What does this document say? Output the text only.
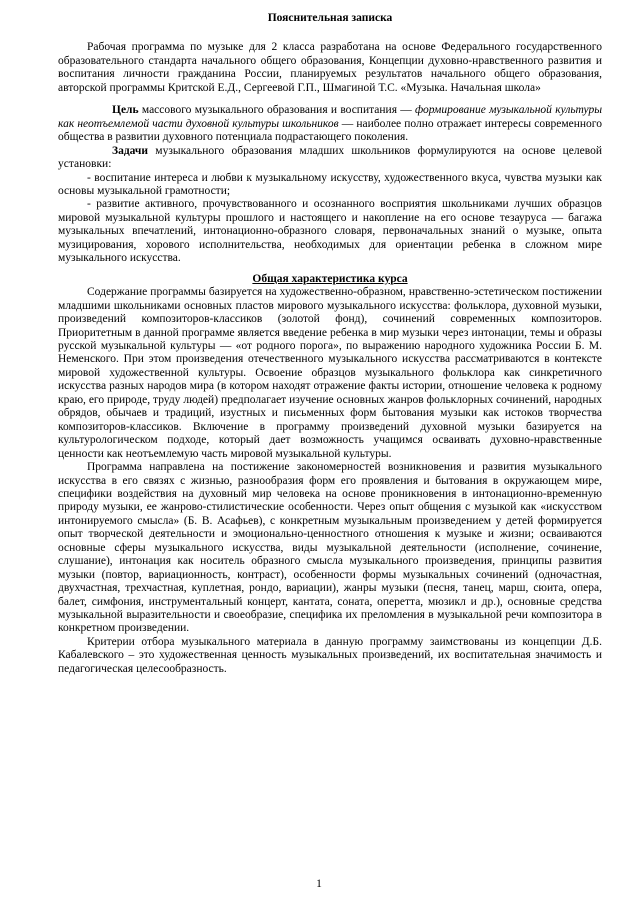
Пояснительная записка

Рабочая программа по музыке для 2 класса разработана на основе Федерального государственного образовательного стандарта начального общего образования, Концепции духовно-нравственного развития и воспитания личности гражданина России, планируемых результатов начального общего образования, авторской программы Критской Е.Д., Сергеевой Г.П., Шмагиной Т.С. «Музыка. Начальная школа»

Цель массового музыкального образования и воспитания — формирование музыкальной культуры как неотъемлемой части духовной культуры школьников — наиболее полно отражает интересы современного общества в развитии духовного потенциала подрастающего поколения.

Задачи музыкального образования младших школьников формулируются на основе целевой установки:

- воспитание интереса и любви к музыкальному искусству, художественного вкуса, чувства музыки как основы музыкальной грамотности;

- развитие активного, прочувствованного и осознанного восприятия школьниками лучших образцов мировой музыкальной культуры прошлого и настоящего и накопление на его основе тезауруса — багажа музыкальных впечатлений, интонационно-образного словаря, первоначальных знаний о музыке, опыта музицирования, хорового исполнительства, необходимых для ориентации ребенка в сложном мире музыкального искусства.

Общая характеристика курса

Содержание программы базируется на художественно-образном, нравственно-эстетическом постижении младшими школьниками основных пластов мирового музыкального искусства: фольклора, духовной музыки, произведений композиторов-классиков (золотой фонд), сочинений современных композиторов. Приоритетным в данной программе является введение ребенка в мир музыки через интонации, темы и образы русской музыкальной культуры — «от родного порога», по выражению народного художника России Б. М. Неменского. При этом произведения отечественного музыкального искусства рассматриваются в контексте мировой художественной культуры. Освоение образцов музыкального фольклора как синкретичного искусства разных народов мира (в котором находят отражение факты истории, отношение человека к родному краю, его природе, труду людей) предполагает изучение основных жанров фольклорных сочинений, народных обрядов, обычаев и традиций, изустных и письменных форм бытования музыки как истоков творчества композиторов-классиков. Включение в программу произведений духовной музыки базируется на культурологическом подходе, который дает возможность учащимся осваивать духовно-нравственные ценности как неотъемлемую часть мировой музыкальной культуры.

Программа направлена на постижение закономерностей возникновения и развития музыкального искусства в его связях с жизнью, разнообразия форм его проявления и бытования в окружающем мире, специфики воздействия на духовный мир человека на основе проникновения в интонационно-временную природу музыки, ее жанрово-стилистические особенности. Через опыт общения с музыкой как «искусством интонируемого смысла» (Б. В. Асафьев), с конкретным музыкальным произведением у детей формируется опыт творческой деятельности и эмоционально-ценностного отношения к музыке и жизни; осваиваются основные сферы музыкального искусства, виды музыкальной деятельности (исполнение, сочинение, слушание), интонация как носитель образного смысла музыкального произведения, принципы развития музыки (повтор, вариационность, контраст), особенности формы музыкальных сочинений (одночастная, двухчастная, трехчастная, куплетная, рондо, вариации), жанры музыки (песня, танец, марш, сюита, опера, балет, симфония, инструментальный концерт, кантата, соната, оперетта, мюзикл и др.), основные средства музыкальной выразительности и своеобразие, специфика их преломления в музыкальной речи композитора в конкретном произведении.

Критерии отбора музыкального материала в данную программу заимствованы из концепции Д.Б. Кабалевского – это художественная ценность музыкальных произведений, их воспитательная значимость и педагогическая целесообразность.

1
